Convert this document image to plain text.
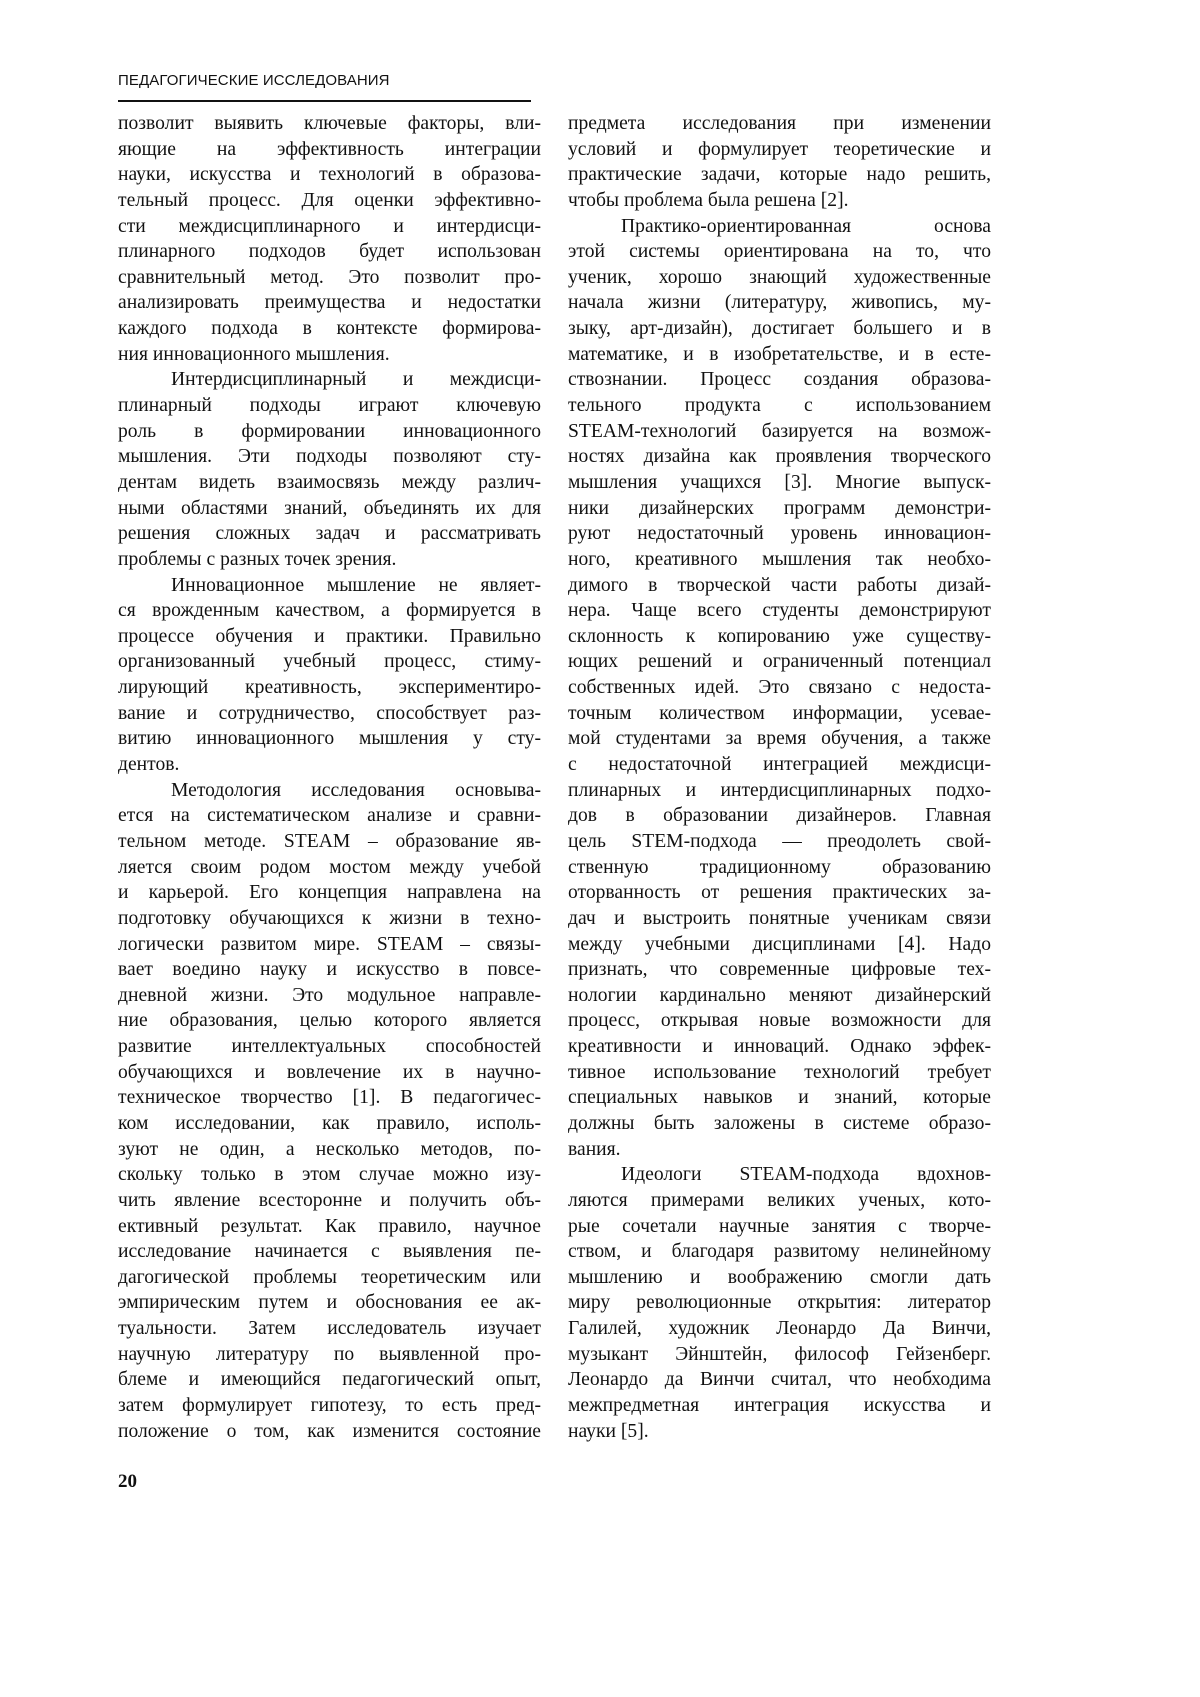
ПЕДАГОГИЧЕСКИЕ ИССЛЕДОВАНИЯ
позволит выявить ключевые факторы, вли-
яющие на эффективность интеграции
науки, искусства и технологий в образова-
тельный процесс. Для оценки эффективно-
сти междисциплинарного и интердисци-
плинарного подходов будет использован
сравнительный метод. Это позволит про-
анализировать преимущества и недостатки
каждого подхода в контексте формирова-
ния инновационного мышления.
Интердисциплинарный и междисци-
плинарный подходы играют ключевую
роль в формировании инновационного
мышления. Эти подходы позволяют сту-
дентам видеть взаимосвязь между различ-
ными областями знаний, объединять их для
решения сложных задач и рассматривать
проблемы с разных точек зрения.
Инновационное мышление не являет-
ся врожденным качеством, а формируется в
процессе обучения и практики. Правильно
организованный учебный процесс, стиму-
лирующий креативность, экспериментиро-
вание и сотрудничество, способствует раз-
витию инновационного мышления у сту-
дентов.
Методология исследования основыва-
ется на систематическом анализе и сравни-
тельном методе. STEAM – образование яв-
ляется своим родом мостом между учебой
и карьерой. Его концепция направлена на
подготовку обучающихся к жизни в техно-
логически развитом мире. STEAM – связы-
вает воедино науку и искусство в повсе-
дневной жизни. Это модульное направле-
ние образования, целью которого является
развитие интеллектуальных способностей
обучающихся и вовлечение их в научно-
техническое творчество [1]. В педагогичес-
ком исследовании, как правило, исполь-
зуют не один, а несколько методов, по-
скольку только в этом случае можно изу-
чить явление всесторонне и получить объ-
ективный результат. Как правило, научное
исследование начинается с выявления пе-
дагогической проблемы теоретическим или
эмпирическим путем и обоснования ее ак-
туальности. Затем исследователь изучает
научную литературу по выявленной про-
блеме и имеющийся педагогический опыт,
затем формулирует гипотезу, то есть пред-
положение о том, как изменится состояние
предмета исследования при изменении
условий и формулирует теоретические и
практические задачи, которые надо решить,
чтобы проблема была решена [2].
Практико-ориентированная основа
этой системы ориентирована на то, что
ученик, хорошо знающий художественные
начала жизни (литературу, живопись, му-
зыку, арт-дизайн), достигает большего и в
математике, и в изобретательстве, и в есте-
ствознании. Процесс создания образова-
тельного продукта с использованием
STEAM-технологий базируется на возмож-
ностях дизайна как проявления творческого
мышления учащихся [3]. Многие выпуск-
ники дизайнерских программ демонстри-
руют недостаточный уровень инновацион-
ного, креативного мышления так необхо-
димого в творческой части работы дизай-
нера. Чаще всего студенты демонстрируют
склонность к копированию уже существу-
ющих решений и ограниченный потенциал
собственных идей. Это связано с недоста-
точным количеством информации, усевае-
мой студентами за время обучения, а также
с недостаточной интеграцией междисци-
плинарных и интердисциплинарных подхо-
дов в образовании дизайнеров. Главная
цель STEM-подхода — преодолеть свой-
ственную традиционному образованию
оторванность от решения практических за-
дач и выстроить понятные ученикам связи
между учебными дисциплинами [4]. Надо
признать, что современные цифровые тех-
нологии кардинально меняют дизайнерский
процесс, открывая новые возможности для
креативности и инноваций. Однако эффек-
тивное использование технологий требует
специальных навыков и знаний, которые
должны быть заложены в системе образо-
вания.
Идеологи STEAM-подхода вдохнов-
ляются примерами великих ученых, кото-
рые сочетали научные занятия с творче-
ством, и благодаря развитому нелинейному
мышлению и воображению смогли дать
миру революционные открытия: литератор
Галилей, художник Леонардо Да Винчи,
музыкант Эйнштейн, философ Гейзенберг.
Леонардо да Винчи считал, что необходима
межпредметная интеграция искусства и
науки [5].
20
